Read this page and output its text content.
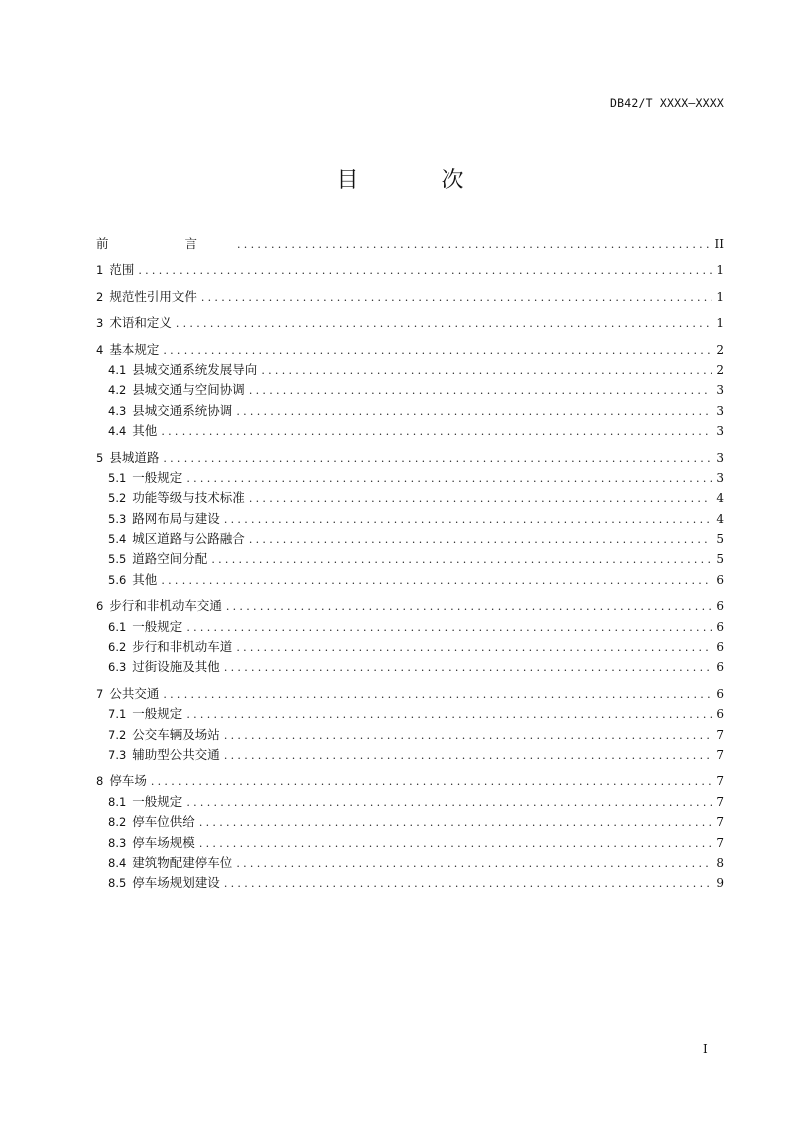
DB42/T XXXX—XXXX
目 次
前 言 .....	II
1 范围 .....	1
2 规范性引用文件 .....	1
3 术语和定义 .....	1
4 基本规定 .....	2
4.1 县城交通系统发展导向 .....	2
4.2 县城交通与空间协调 .....	3
4.3 县城交通系统协调 .....	3
4.4 其他 .....	3
5 县城道路 .....	3
5.1 一般规定 .....	3
5.2 功能等级与技术标准 .....	4
5.3 路网布局与建设 .....	4
5.4 城区道路与公路融合 .....	5
5.5 道路空间分配 .....	5
5.6 其他 .....	6
6 步行和非机动车交通 .....	6
6.1 一般规定 .....	6
6.2 步行和非机动车道 .....	6
6.3 过街设施及其他 .....	6
7 公共交通 .....	6
7.1 一般规定 .....	6
7.2 公交车辆及场站 .....	7
7.3 辅助型公共交通 .....	7
8 停车场 .....	7
8.1 一般规定 .....	7
8.2 停车位供给 .....	7
8.3 停车场规模 .....	7
8.4 建筑物配建停车位 .....	8
8.5 停车场规划建设 .....	9
I
